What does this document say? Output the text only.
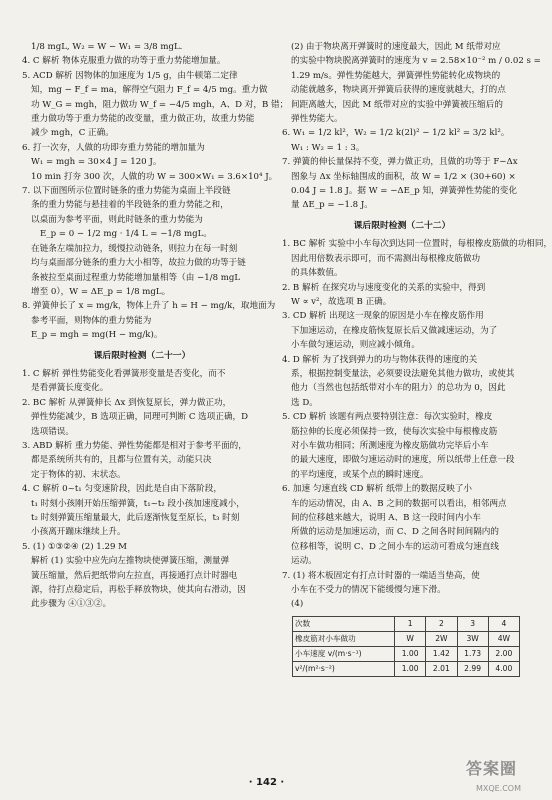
1/8 mgL, W₂ = W − W₁ = 3/8 mgL.
4. C 解析 物体克服重力做的功等于重力势能增加量。
5. ACD 解析 因物体的加速度为 1/5 g，由牛顿第二定律
知，mg − F_f = ma，解得空气阻力 F_f = 4/5 mg。重力做
功 W_G = mgh，阻力做功 W_f = −4/5 mgh，A、D 对，B 错；
重力做功等于重力势能的改变量，重力做正功，故重力势能
减少 mgh，C 正确。
6. 打一次夯，人做的功即夯重力势能的增加量为
W₁ = mgh = 30×4 J = 120 J。
10 min 打夯 300 次，人做的功 W = 300×W₁ = 3.6×10⁴ J。
7. 以下面图所示位置时链条的重力势能为桌面上半段链
条的重力势能与悬挂着的半段链条的重力势能之和，
以桌面为参考平面，则此时链条的重力势能为
E_p = 0 − 1/2 mg · 1/4 L = −1/8 mgL。
在链条左端加拉力，缓慢拉动链条，则拉力在每一时刻
均与桌面部分链条的重力大小相等，故拉力做的功等于链
条被拉至桌面过程重力势能增加量相等（由 −1/8 mgL
增至 0），W = ΔE_p = 1/8 mgL。
8. 弹簧伸长了 x = mg/k，物体上升了 h = H − mg/k，取地面为
参考平面，则物体的重力势能为
E_p = mgh = mg(H − mg/k)。
课后限时检测（二十一）
1. C 解析 弹性势能变化看弹簧形变量是否变化，而不
是看弹簧长度变化。
2. BC 解析 从弹簧伸长 Δx 到恢复原长，弹力做正功，
弹性势能减少，B 选项正确，同理可判断 C 选项正确，D
选项错误。
3. ABD 解析 重力势能、弹性势能都是相对于参考平面的，
都是系统所共有的，且都与位置有关，动能只决
定于物体的初、末状态。
4. C 解析 0~t₁ 匀变速阶段，因此是自由下落阶段，
t₁ 时刻小孩刚开始压缩弹簧，t₁~t₂ 段小孩加速度减小，
t₂ 时刻弹簧压缩量最大，此后逐渐恢复至原长，t₃ 时刻
小孩离开蹦床继续上升。
5. (1) ①③②④ (2) 1.29 M
解析 (1) 实验中应先向左推物块使弹簧压缩，测量弹
簧压缩量，然后把纸带向左拉直，再接通打点计时器电
源，待打点稳定后，再松手释放物块，使其向右滑动，因
此步骤为 ④①③②。
(2) 由于物块离开弹簧时的速度最大，因此 M 纸带对应
的实验中物块脱离弹簧时的速度为 v = 2.58×10⁻² m / 0.02 s =
1.29 m/s。弹性势能越大，弹簧弹性势能转化成物块的
动能就越多，物块离开弹簧后获得的速度就越大，打的点
间距离越大，因此 M 纸带对应的实验中弹簧被压缩后的
弹性势能大。
6. W₁ = 1/2 kl²，W₂ = 1/2 k(2l)² − 1/2 kl² = 3/2 kl²。
W₁ : W₂ = 1 : 3。
7. 弹簧的伸长量保持不变，弹力做正功，且做的功等于 F−Δx
图象与 Δx 坐标轴围成的面积，故 W = 1/2 × (30+60) ×
0.04 J = 1.8 J。据 W = −ΔE_p 知，弹簧弹性势能的变化
量 ΔE_p = −1.8 J。
课后限时检测（二十二）
1. BC 解析 实验中小车每次到达同一位置时，每根橡皮筋做的功相同，
因此用倍数表示即可，而不需测出每根橡皮筋做功
的具体数值。
2. B 解析 在探究功与速度变化的关系的实验中，得到
W ∝ v²，故选项 B 正确。
3. CD 解析 出现这一现象的原因是小车在橡皮筋作用
下加速运动，在橡皮筋恢复原长后又做减速运动，为了
小车做匀速运动，则应减小倾角。
4. D 解析 为了找到弹力的功与物体获得的速度的关
系，根据控制变量法，必须要设法避免其他力做功，或使其
他力（当然也包括纸带对小车的阻力）的总功为 0，因此
选 D。
5. CD 解析 该题有两点要特别注意：每次实验时，橡皮
筋拉伸的长度必须保持一致，使每次实验中每根橡皮筋
对小车做功相同；所测速度为橡皮筋做功完毕后小车
的最大速度，即做匀速运动时的速度，所以纸带上任意一段
的平均速度，或某个点的瞬时速度。
6. 加速 匀速直线 CD 解析 纸带上的数据反映了小
车的运动情况，由 A、B 之间的数据可以看出，相邻两点
间的位移越来越大，说明 A、B 这一段时间内小车
所做的运动是加速运动，而 C、D 之间各时间间隔内的
位移相等，说明 C、D 之间小车的运动可看成匀速直线
运动。
7. (1) 将木板固定有打点计时器的一端适当垫高，使
小车在不受力的情况下能缓慢匀速下滑。
(4)
次数	1	2	3	4
橡皮筋对小车做功	W	2W	3W	4W
小车速度 v/(m·s⁻¹)	1.00	1.42	1.73	2.00
v²/(m²·s⁻²)	1.00	2.01	2.99	4.00
· 142 ·
答案圈
MXQE.COM
